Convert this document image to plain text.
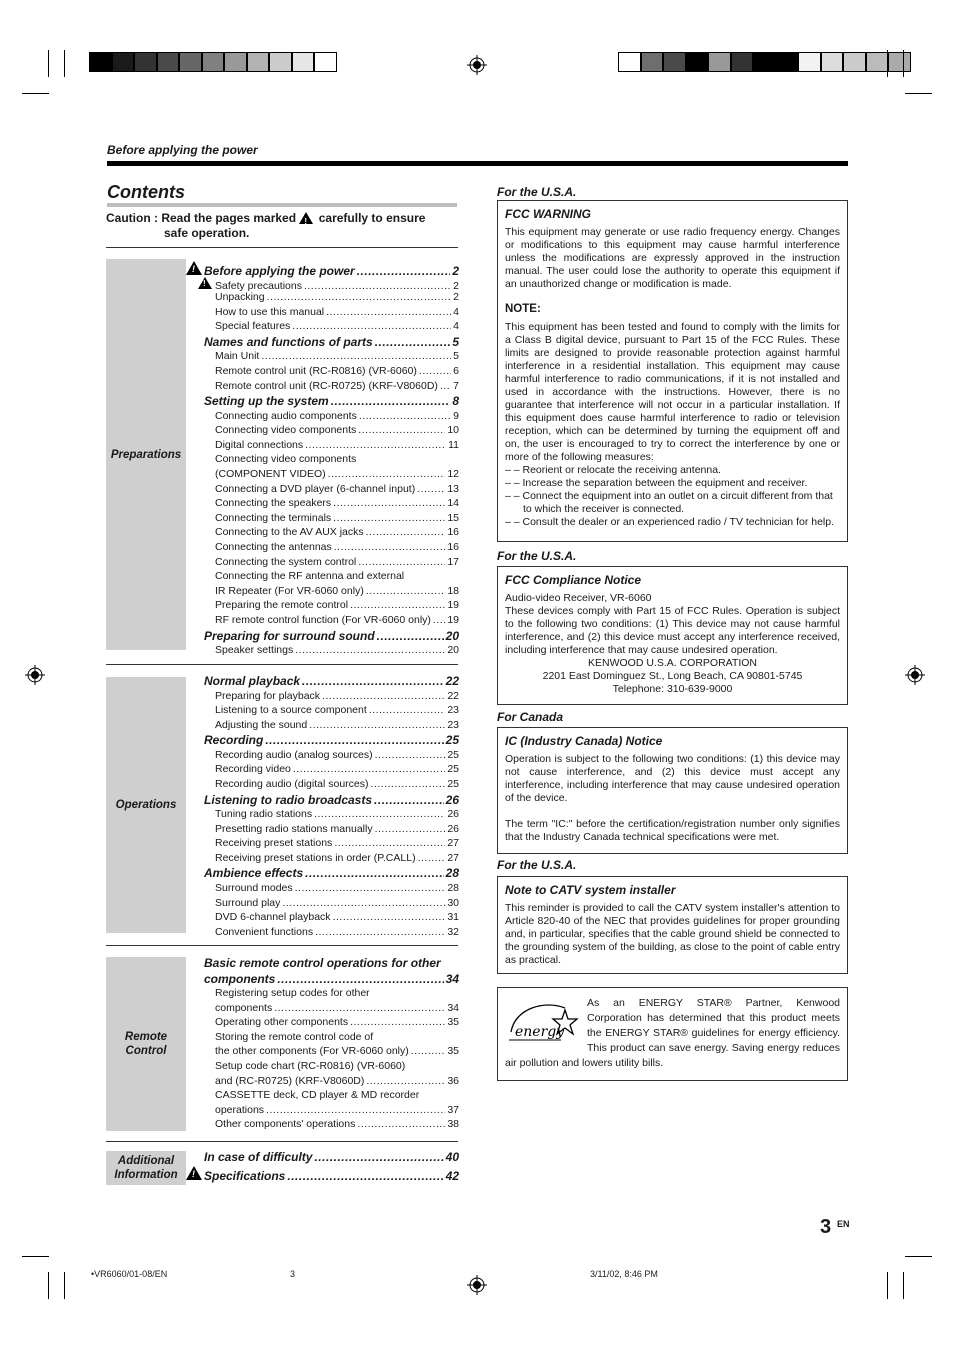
Before applying the power
Contents
Caution : Read the pages marked ! carefully to ensure
safe operation.
Preparations
Operations
Remote Control
Additional Information
!
Before applying the power .....	2
!
Safety precautions .....	2
Unpacking .....	2
How to use this manual .....	4
Special features .....	4
Names and functions of parts .....	5
Main Unit .....	5
Remote control unit (RC-R0816) (VR-6060) .....	6
Remote control unit (RC-R0725) (KRF-V8060D) ..... 7
Setting up the system .....	8
Connecting audio components .....	9
Connecting video components .....	10
Digital connections .....	11
Connecting video components
(COMPONENT VIDEO) .....	12
Connecting a DVD player (6-channel input) .....	13
Connecting the speakers .....	14
Connecting the terminals .....	15
Connecting to the AV AUX jacks .....	16
Connecting the antennas .....	16
Connecting the system control .....	17
Connecting the RF antenna and external
IR Repeater (For VR-6060 only) .....	18
Preparing the remote control .....	19
RF remote control function (For VR-6060 only) ..... 19
Preparing for surround sound .....	20
Speaker settings .....	20
Normal playback .....	22
Preparing for playback .....	22
Listening to a source component .....	23
Adjusting the sound .....	23
Recording .....	25
Recording audio (analog sources) .....	25
Recording video .....	25
Recording audio (digital sources) .....	25
Listening to radio broadcasts .....	26
Tuning radio stations .....	26
Presetting radio stations manually .....	26
Receiving preset stations .....	27
Receiving preset stations in order (P.CALL) .....	27
Ambience effects .....	28
Surround modes .....	28
Surround play .....	30
DVD 6-channel playback .....	31
Convenient functions .....	32
Basic remote control operations for other
components .....	34
Registering setup codes for other
components .....	34
Operating other components .....	35
Storing the remote control code of
the other components (For VR-6060 only) .....	35
Setup code chart (RC-R0816) (VR-6060)
and (RC-R0725) (KRF-V8060D) .....	36
CASSETTE deck, CD player & MD recorder
operations .....	37
Other components' operations .....	38
In case of difficulty .....	40
!
Specifications .....	42
For the U.S.A.
FCC WARNING

This equipment may generate or use radio frequency energy. Changes or modifications to this equipment may cause harmful interference unless the modifications are expressly approved in the instruction manual. The user could lose the authority to operate this equipment if an unauthorized change or modification is made.

NOTE:

This equipment has been tested and found to comply with the limits for a Class B digital device, pursuant to Part 15 of the FCC Rules. These limits are designed to provide reasonable protection against harmful interference in a residential installation. This equipment may cause harmful interference to radio communications, if it is not installed and used in accordance with the instructions. However, there is no guarantee that interference will not occur in a particular installation. If this equipment does cause harmful interference to radio or television reception, which can be determined by turning the equipment off and on, the user is encouraged to try to correct the interference by one or more of the following measures:

– – Reorient or relocate the receiving antenna.
– – Increase the separation between the equipment and receiver.
– – Connect the equipment into an outlet on a circuit different from that to which the receiver is connected.
– – Consult the dealer or an experienced radio / TV technician for help.
For the U.S.A.
FCC Compliance Notice

Audio-video Receiver, VR-6060

These devices comply with Part 15 of FCC Rules. Operation is subject to the following two conditions: (1) This device may not cause harmful interference, and (2) this device must accept any interference received, including interference that may cause undesired operation.

KENWOOD U.S.A. CORPORATION

2201 East Dominguez St., Long Beach, CA 90801-5745

Telephone: 310-639-9000

For Canada
IC (Industry Canada) Notice

Operation is subject to the following two conditions: (1) this device may not cause interference, and (2) this device must accept any interference, including interference that may cause undesired operation of the device.

The term "IC:" before the certification/registration number only signifies that the Industry Canada technical specifications were met.

For the U.S.A.
Note to CATV system installer

This reminder is provided to call the CATV system installer's attention to Article 820-40 of the NEC that provides guidelines for proper grounding and, in particular, specifies that the cable ground shield be connected to the grounding system of the building, as close to the point of cable entry as practical.

energy

As an ENERGY STAR® Partner, Kenwood Corporation has determined that this product meets the ENERGY STAR® guidelines for energy efficiency. This product can save energy. Saving energy reduces air pollution and lowers utility bills.

3 EN
•VR6060/01-08/EN	3	3/11/02, 8:46 PM
